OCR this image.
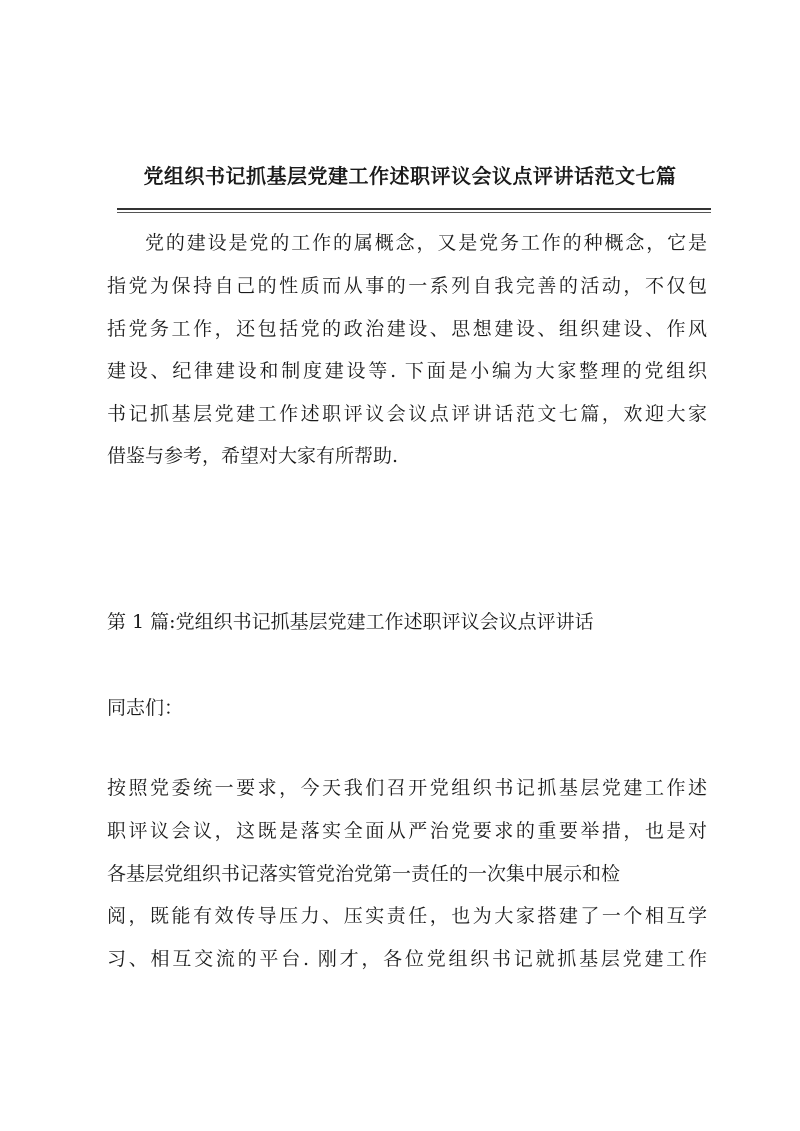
党组织书记抓基层党建工作述职评议会议点评讲话范文七篇
党的建设是党的工作的属概念，又是党务工作的种概念，它是
指党为保持自己的性质而从事的一系列自我完善的活动，不仅包
括党务工作，还包括党的政治建设、思想建设、组织建设、作风
建设、纪律建设和制度建设等. 下面是小编为大家整理的党组织
书记抓基层党建工作述职评议会议点评讲话范文七篇，欢迎大家
借鉴与参考，希望对大家有所帮助.
第 1 篇:党组织书记抓基层党建工作述职评议会议点评讲话
同志们：
按照党委统一要求，今天我们召开党组织书记抓基层党建工作述
职评议会议，这既是落实全面从严治党要求的重要举措，也是对
各基层党组织书记落实管党治党第一责任的一次集中展示和检
阅，既能有效传导压力、压实责任，也为大家搭建了一个相互学
习、相互交流的平台. 刚才，各位党组织书记就抓基层党建工作
